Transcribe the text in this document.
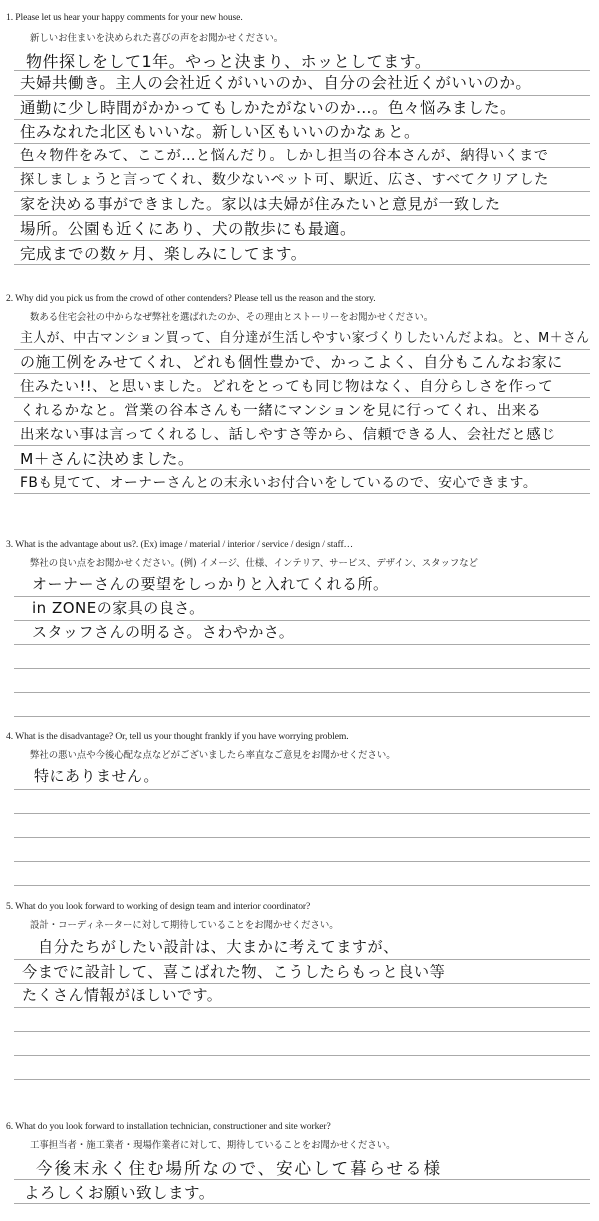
1. Please let us hear your happy comments for your new house.
新しいお住まいを決められた喜びの声をお聞かせください。
物件探しをして1年。やっと決まり、ホッとしてます。
夫婦共働き。主人の会社近くがいいのか、自分の会社近くがいいのか。
通勤に少し時間がかかってもしかたがないのか…。色々悩みました。
住みなれた北区もいいな。新しい区もいいのかなぁと。
色々物件をみて、ここが…と悩んだり。しかし担当の谷本さんが、納得いくまで
探しましょうと言ってくれ、数少ないペット可、駅近、広さ、すべてクリアした
家を決める事ができました。家以は夫婦が住みたいと意見が一致した
場所。公園も近くにあり、犬の散歩にも最適。
完成までの数ヶ月、楽しみにしてます。
2. Why did you pick us from the crowd of other contenders? Please tell us the reason and the story.
数ある住宅会社の中からなぜ弊社を選ばれたのか、その理由とストーリーをお聞かせください。
主人が、中古マンション買って、自分達が生活しやすい家づくりしたいんだよね。と、M＋さん
の施工例をみせてくれ、どれも個性豊かで、かっこよく、自分もこんなお家に
住みたい!!、と思いました。どれをとっても同じ物はなく、自分らしさを作って
くれるかなと。営業の谷本さんも一緒にマンションを見に行ってくれ、出来る
出来ない事は言ってくれるし、話しやすさ等から、信頼できる人、会社だと感じ
M＋さんに決めました。
FBも見てて、オーナーさんとの末永いお付合いをしているので、安心できます。
3. What is the advantage about us?. (Ex) image / material / interior / service / design / staff…
弊社の良い点をお聞かせください。(例) イメージ、仕様、インテリア、サービス、デザイン、スタッフなど
オーナーさんの要望をしっかりと入れてくれる所。
in ZONEの家具の良さ。
スタッフさんの明るさ。さわやかさ。
4. What is the disadvantage? Or, tell us your thought frankly if you have worrying problem.
弊社の悪い点や今後心配な点などがございましたら率直なご意見をお聞かせください。
特にありません。
5. What do you look forward to working of design team and interior coordinator?
設計・コーディネーターに対して期待していることをお聞かせください。
自分たちがしたい設計は、大まかに考えてますが、
今までに設計して、喜こばれた物、こうしたらもっと良い等
たくさん情報がほしいです。
6. What do you look forward to installation technician, constructioner and site worker?
工事担当者・施工業者・現場作業者に対して、期待していることをお聞かせください。
今後末永く住む場所なので、安心して暮らせる様
よろしくお願い致します。
